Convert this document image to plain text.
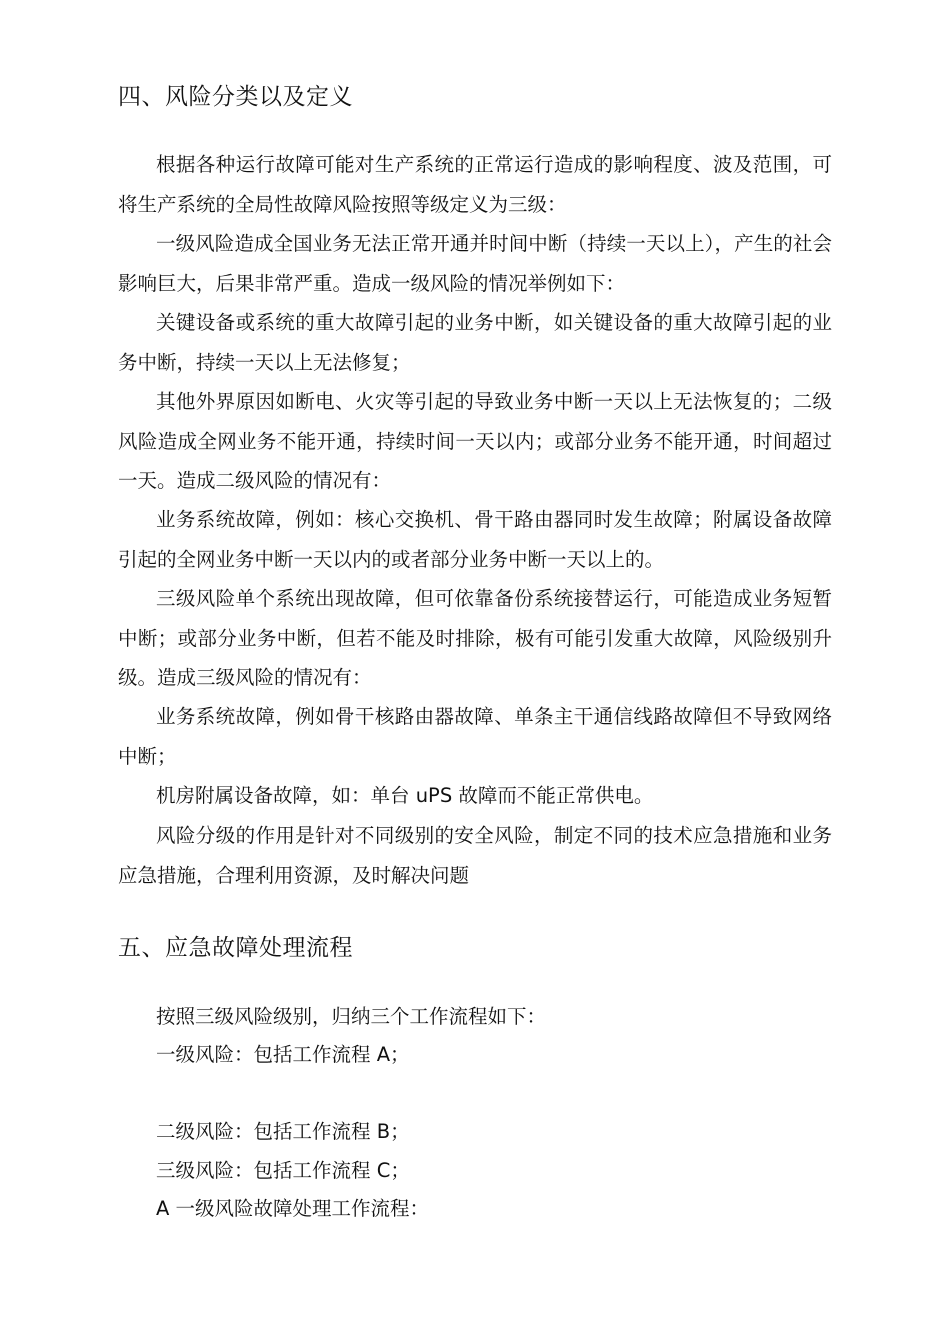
四、风险分类以及定义

根据各种运行故障可能对生产系统的正常运行造成的影响程度、波及范围，可将生产系统的全局性故障风险按照等级定义为三级：

一级风险造成全国业务无法正常开通并时间中断（持续一天以上），产生的社会影响巨大，后果非常严重。造成一级风险的情况举例如下：

关键设备或系统的重大故障引起的业务中断，如关键设备的重大故障引起的业务中断，持续一天以上无法修复；

其他外界原因如断电、火灾等引起的导致业务中断一天以上无法恢复的；二级风险造成全网业务不能开通，持续时间一天以内；或部分业务不能开通，时间超过一天。造成二级风险的情况有：

业务系统故障，例如：核心交换机、骨干路由器同时发生故障；附属设备故障引起的全网业务中断一天以内的或者部分业务中断一天以上的。

三级风险单个系统出现故障，但可依靠备份系统接替运行，可能造成业务短暂中断；或部分业务中断，但若不能及时排除，极有可能引发重大故障，风险级别升级。造成三级风险的情况有：

业务系统故障，例如骨干核路由器故障、单条主干通信线路故障但不导致网络中断；

机房附属设备故障，如：单台 uPS 故障而不能正常供电。

风险分级的作用是针对不同级别的安全风险，制定不同的技术应急措施和业务应急措施，合理利用资源，及时解决问题

五、应急故障处理流程

按照三级风险级别，归纳三个工作流程如下：

一级风险：包括工作流程 A；

二级风险：包括工作流程 B；

三级风险：包括工作流程 C；

A 一级风险故障处理工作流程：
